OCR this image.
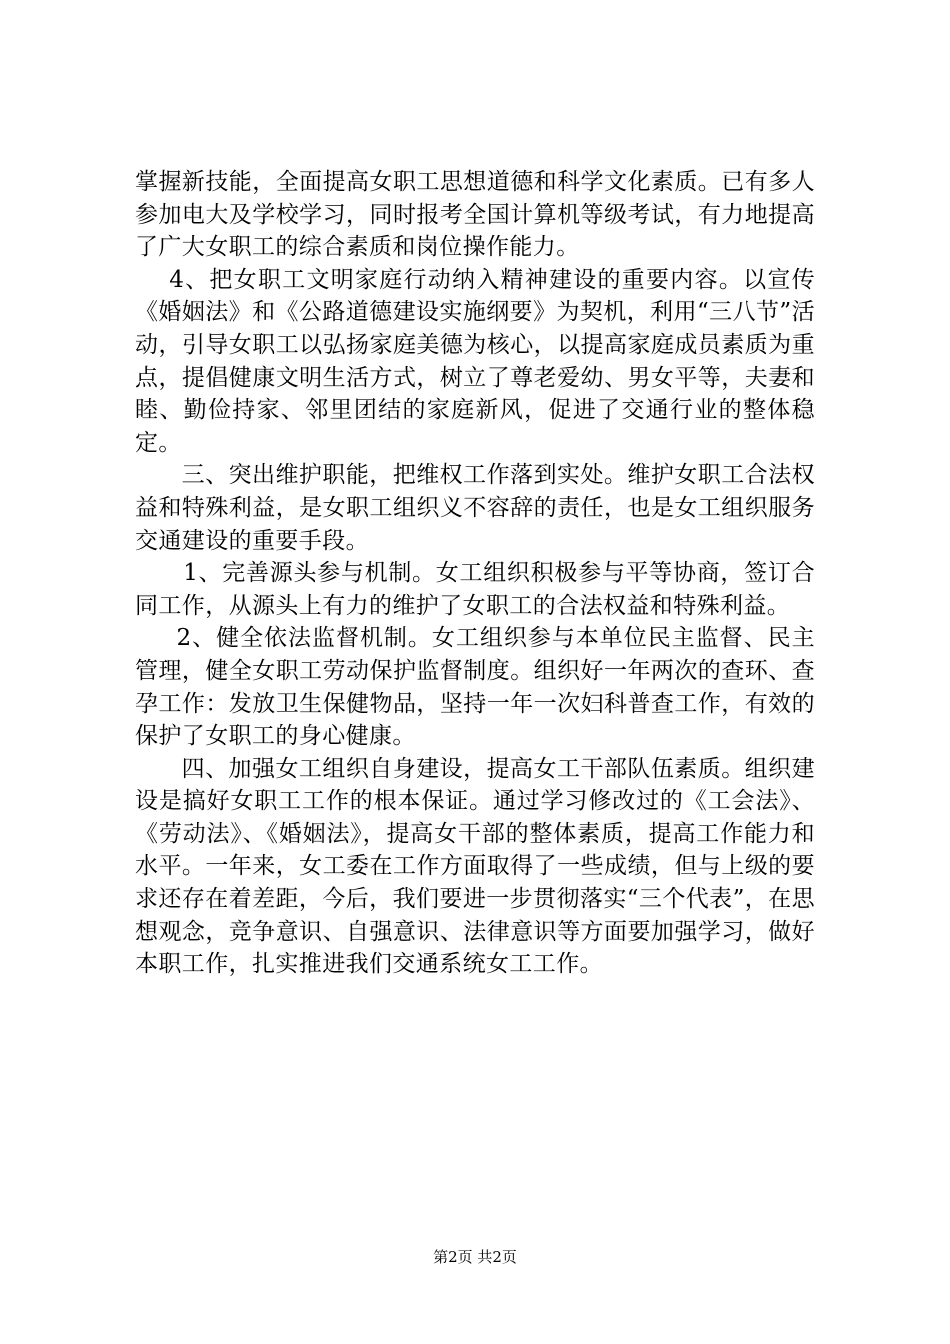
掌握新技能，全面提高女职工思想道德和科学文化素质。已有多人参加电大及学校学习，同时报考全国计算机等级考试，有力地提高了广大女职工的综合素质和岗位操作能力。

4、把女职工文明家庭行动纳入精神建设的重要内容。以宣传《婚姻法》和《公路道德建设实施纲要》为契机，利用“三八节”活动，引导女职工以弘扬家庭美德为核心，以提高家庭成员素质为重点，提倡健康文明生活方式，树立了尊老爱幼、男女平等，夫妻和睦、勤俭持家、邻里团结的家庭新风，促进了交通行业的整体稳定。

三、突出维护职能，把维权工作落到实处。维护女职工合法权益和特殊利益，是女职工组织义不容辞的责任，也是女工组织服务交通建设的重要手段。

1、完善源头参与机制。女工组织积极参与平等协商，签订合同工作，从源头上有力的维护了女职工的合法权益和特殊利益。

2、健全依法监督机制。女工组织参与本单位民主监督、民主管理，健全女职工劳动保护监督制度。组织好一年两次的查环、查孕工作：发放卫生保健物品，坚持一年一次妇科普查工作，有效的保护了女职工的身心健康。

四、加强女工组织自身建设，提高女工干部队伍素质。组织建设是搞好女职工工作的根本保证。通过学习修改过的《工会法》、《劳动法》、《婚姻法》，提高女干部的整体素质，提高工作能力和水平。一年来，女工委在工作方面取得了一些成绩，但与上级的要求还存在着差距，今后，我们要进一步贯彻落实“三个代表”，在思想观念，竞争意识、自强意识、法律意识等方面要加强学习，做好本职工作，扎实推进我们交通系统女工工作。

第2页 共2页
